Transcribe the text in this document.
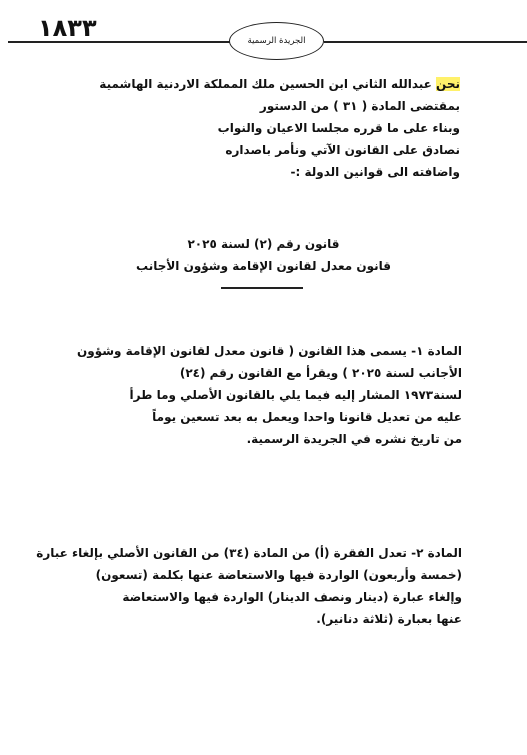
١٨٣٣	الجريدة الرسمية
نحن عبدالله الثاني ابن الحسين ملك المملكة الاردنية الهاشمية
بمقتضى المادة ( ٣١ ) من الدستور
وبناء على ما قرره مجلسا الاعيان والنواب
نصادق على القانون الآتي ونأمر باصداره
واضافته الى قوانين الدولة :-
قانون رقم (٢) لسنة ٢٠٢٥
قانون معدل لقانون الإقامة وشؤون الأجانب
المادة ١- يسمى هذا القانون ( قانون معدل لقانون الإقامة وشؤون
الأجانب لسنة ٢٠٢٥ ) ويقرأ مع القانون رقم (٢٤)
لسنة١٩٧٣ المشار إليه فيما يلي بالقانون الأصلي وما طرأ
عليه من تعديل قانونا واحدا ويعمل به بعد تسعين يوماً
من تاريخ نشره في الجريدة الرسمية.
المادة ٢- تعدل الفقرة (أ) من المادة (٣٤) من القانون الأصلي بإلغاء عبارة
(خمسة وأربعون) الواردة فيها والاستعاضة عنها بكلمة (تسعون)
وإلغاء عبارة (دينار ونصف الدينار) الواردة فيها والاستعاضة
عنها بعبارة (ثلاثة دنانير).
